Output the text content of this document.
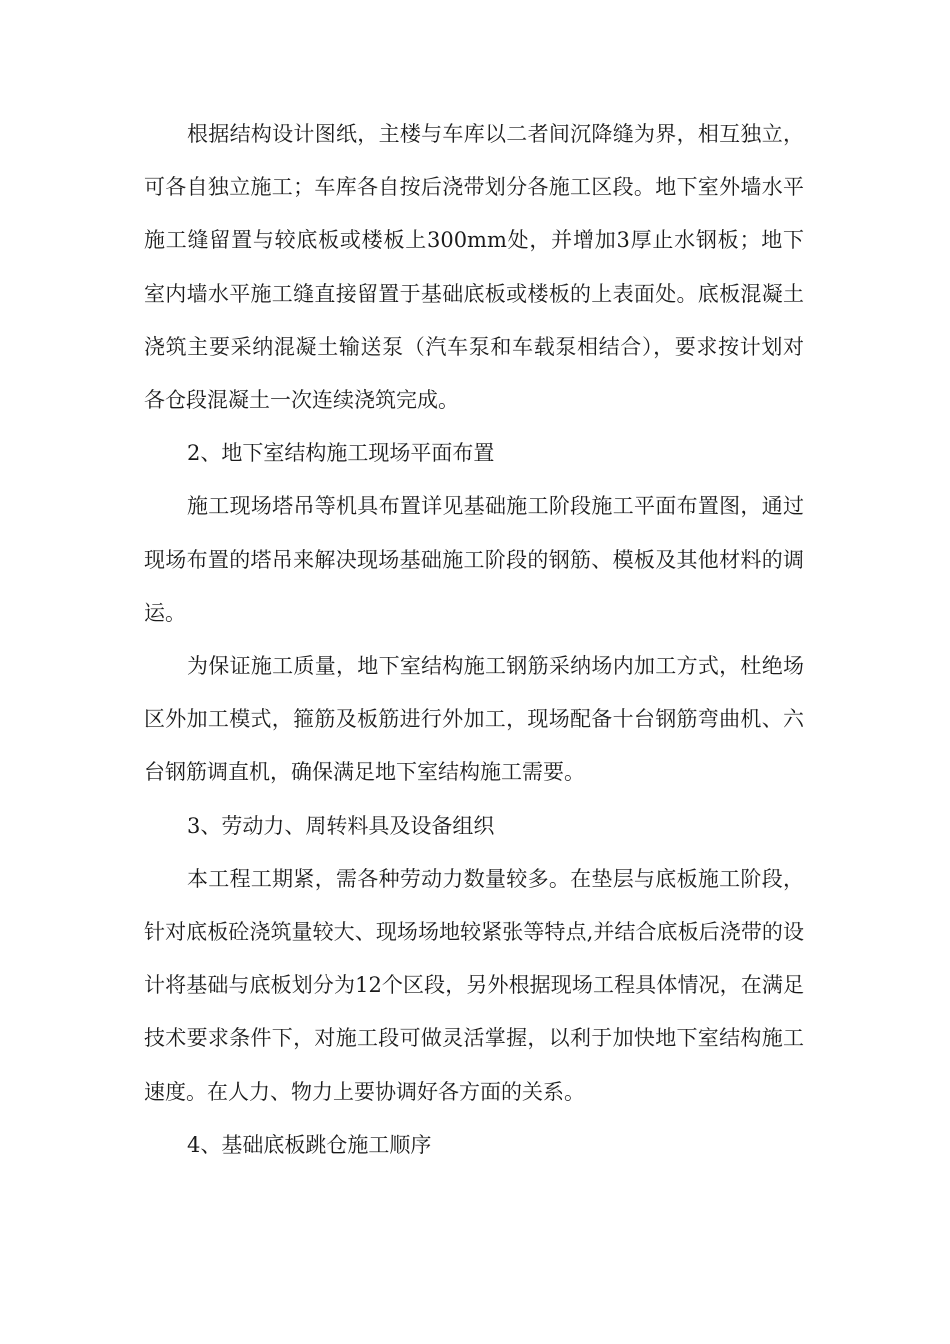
根据结构设计图纸，主楼与车库以二者间沉降缝为界，相互独立，可各自独立施工；车库各自按后浇带划分各施工区段。地下室外墙水平施工缝留置与较底板或楼板上300mm处，并增加3厚止水钢板；地下室内墙水平施工缝直接留置于基础底板或楼板的上表面处。底板混凝土浇筑主要采纳混凝土输送泵（汽车泵和车载泵相结合），要求按计划对各仓段混凝土一次连续浇筑完成。

2、地下室结构施工现场平面布置

施工现场塔吊等机具布置详见基础施工阶段施工平面布置图，通过现场布置的塔吊来解决现场基础施工阶段的钢筋、模板及其他材料的调运。

为保证施工质量，地下室结构施工钢筋采纳场内加工方式，杜绝场区外加工模式，箍筋及板筋进行外加工，现场配备十台钢筋弯曲机、六台钢筋调直机，确保满足地下室结构施工需要。

3、劳动力、周转料具及设备组织

本工程工期紧，需各种劳动力数量较多。在垫层与底板施工阶段，针对底板砼浇筑量较大、现场场地较紧张等特点,并结合底板后浇带的设计将基础与底板划分为12个区段，另外根据现场工程具体情况，在满足技术要求条件下，对施工段可做灵活掌握，以利于加快地下室结构施工速度。在人力、物力上要协调好各方面的关系。

4、基础底板跳仓施工顺序
